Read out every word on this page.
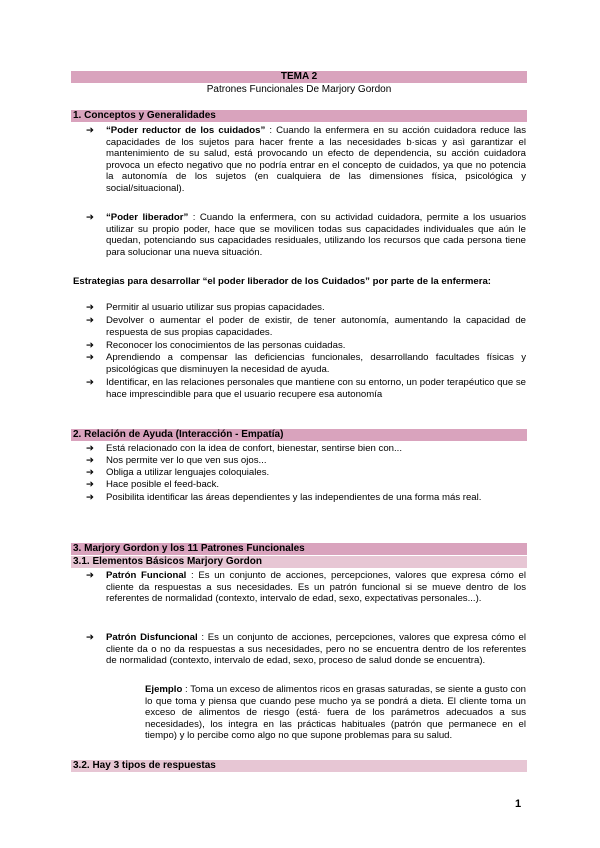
TEMA 2
Patrones Funcionales De Marjory Gordon
1. Conceptos y Generalidades
➔	“Poder reductor de los cuidados” : Cuando la enfermera en su acción cuidadora reduce las capacidades de los sujetos para hacer frente a las necesidades b·sicas y asì garantizar el mantenimiento de su salud, está provocando un efecto de dependencia, su acción cuidadora provoca un efecto negativo que no podría entrar en el concepto de cuidados, ya que no potencia la autonomía de los sujetos (en cualquiera de las dimensiones física, psicológica y social/situacional).
➔	“Poder liberador” : Cuando la enfermera, con su actividad cuidadora, permite a los usuarios utilizar su propio poder, hace que se movilicen todas sus capacidades individuales que aún le quedan, potenciando sus capacidades residuales, utilizando los recursos que cada persona tiene para solucionar una nueva situación.
Estrategias para desarrollar “el poder liberador de los Cuidados” por parte de la enfermera:
➔	Permitir al usuario utilizar sus propias capacidades.
➔	Devolver o aumentar el poder de existir, de tener autonomía, aumentando la capacidad de respuesta de sus propias capacidades.
➔	Reconocer los conocimientos de las personas cuidadas.
➔	Aprendiendo a compensar las deficiencias funcionales, desarrollando facultades físicas y psicológicas que disminuyen la necesidad de ayuda.
➔	Identificar, en las relaciones personales que mantiene con su entorno, un poder terapéutico que se hace imprescindible para que el usuario recupere esa autonomía
2. Relación de Ayuda (Interacción - Empatía)
➔	Está relacionado con la idea de confort, bienestar, sentirse bien con...
➔	Nos permite ver lo que ven sus ojos...
➔	Obliga a utilizar lenguajes coloquiales.
➔	Hace posible el feed-back.
➔	Posibilita identificar las áreas dependientes y las independientes de una forma más real.
3. Marjory Gordon y los 11 Patrones Funcionales
3.1. Elementos Básicos Marjory Gordon
➔	Patrón Funcional : Es un conjunto de acciones, percepciones, valores que expresa cómo el cliente da respuestas a sus necesidades. Es un patrón funcional si se mueve dentro de los referentes de normalidad (contexto, intervalo de edad, sexo, expectativas personales...).
➔	Patrón Disfuncional : Es un conjunto de acciones, percepciones, valores que expresa cómo el cliente da o no da respuestas a sus necesidades, pero no se encuentra dentro de los referentes de normalidad (contexto, intervalo de edad, sexo, proceso de salud donde se encuentra).
Ejemplo : Toma un exceso de alimentos ricos en grasas saturadas, se siente a gusto con lo que toma y piensa que cuando pese mucho ya se pondrá a dieta. El cliente toma un exceso de alimentos de riesgo (está· fuera de los parámetros adecuados a sus necesidades), los integra en las prácticas habituales (patrón que permanece en el tiempo) y lo percibe como algo no que supone problemas para su salud.
3.2. Hay 3 tipos de respuestas
1
